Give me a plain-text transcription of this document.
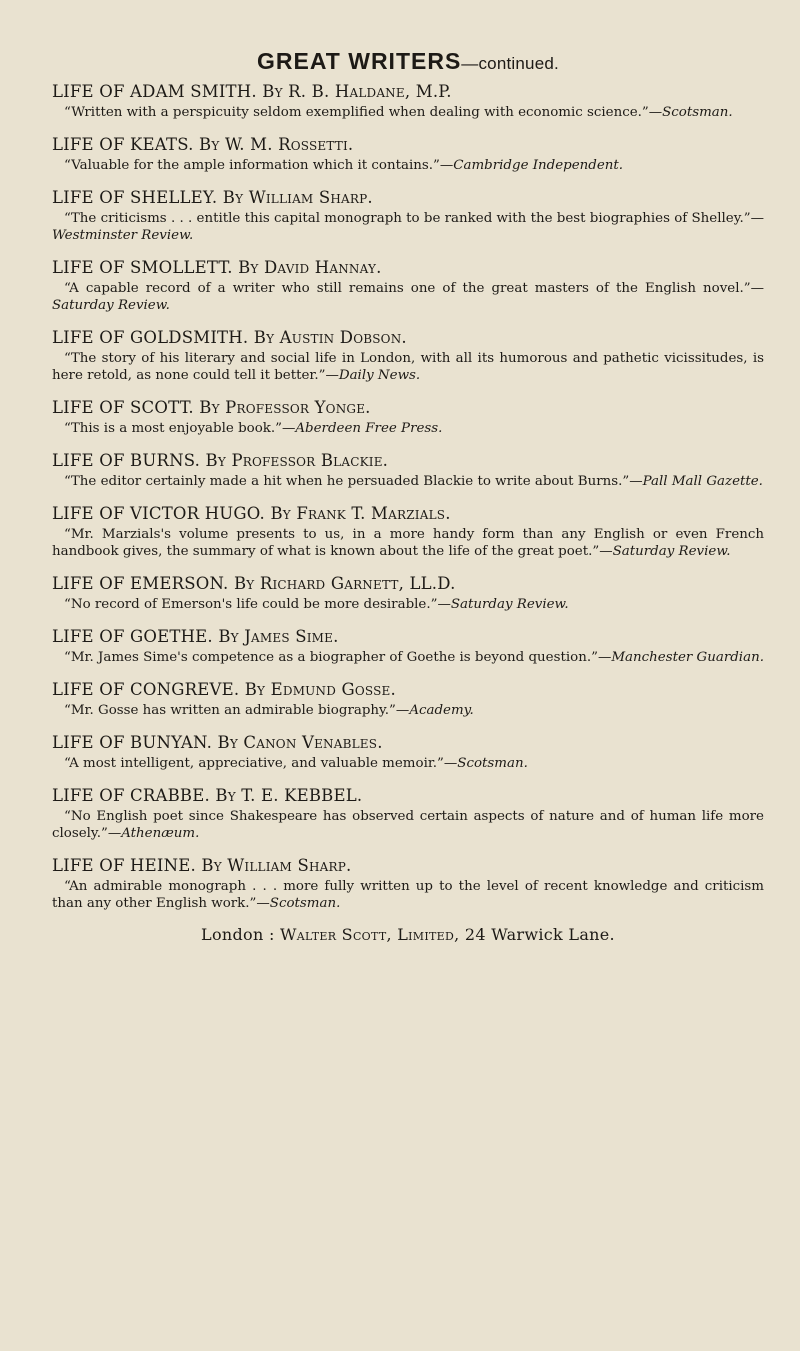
GREAT WRITERS—continued.
LIFE OF ADAM SMITH. By R. B. Haldane, M.P.
“Written with a perspicuity seldom exemplified when dealing with economic science.”—Scotsman.
LIFE OF KEATS. By W. M. Rossetti.
“Valuable for the ample information which it contains.”—Cambridge Independent.
LIFE OF SHELLEY. By William Sharp.
“The criticisms . . . entitle this capital monograph to be ranked with the best biographies of Shelley.”—Westminster Review.
LIFE OF SMOLLETT. By David Hannay.
“A capable record of a writer who still remains one of the great masters of the English novel.”—Saturday Review.
LIFE OF GOLDSMITH. By Austin Dobson.
“The story of his literary and social life in London, with all its humorous and pathetic vicissitudes, is here retold, as none could tell it better.”—Daily News.
LIFE OF SCOTT. By Professor Yonge.
“This is a most enjoyable book.”—Aberdeen Free Press.
LIFE OF BURNS. By Professor Blackie.
“The editor certainly made a hit when he persuaded Blackie to write about Burns.”—Pall Mall Gazette.
LIFE OF VICTOR HUGO. By Frank T. Marzials.
“Mr. Marzials's volume presents to us, in a more handy form than any English or even French handbook gives, the summary of what is known about the life of the great poet.”—Saturday Review.
LIFE OF EMERSON. By Richard Garnett, LL.D.
“No record of Emerson's life could be more desirable.”—Saturday Review.
LIFE OF GOETHE. By James Sime.
“Mr. James Sime's competence as a biographer of Goethe is beyond question.”—Manchester Guardian.
LIFE OF CONGREVE. By Edmund Gosse.
“Mr. Gosse has written an admirable biography.”—Academy.
LIFE OF BUNYAN. By Canon Venables.
“A most intelligent, appreciative, and valuable memoir.”—Scotsman.
LIFE OF CRABBE. By T. E. KEBBEL.
“No English poet since Shakespeare has observed certain aspects of nature and of human life more closely.”—Athenæum.
LIFE OF HEINE. By William Sharp.
“An admirable monograph . . . more fully written up to the level of recent knowledge and criticism than any other English work.”—Scotsman.
London : Walter Scott, Limited, 24 Warwick Lane.
